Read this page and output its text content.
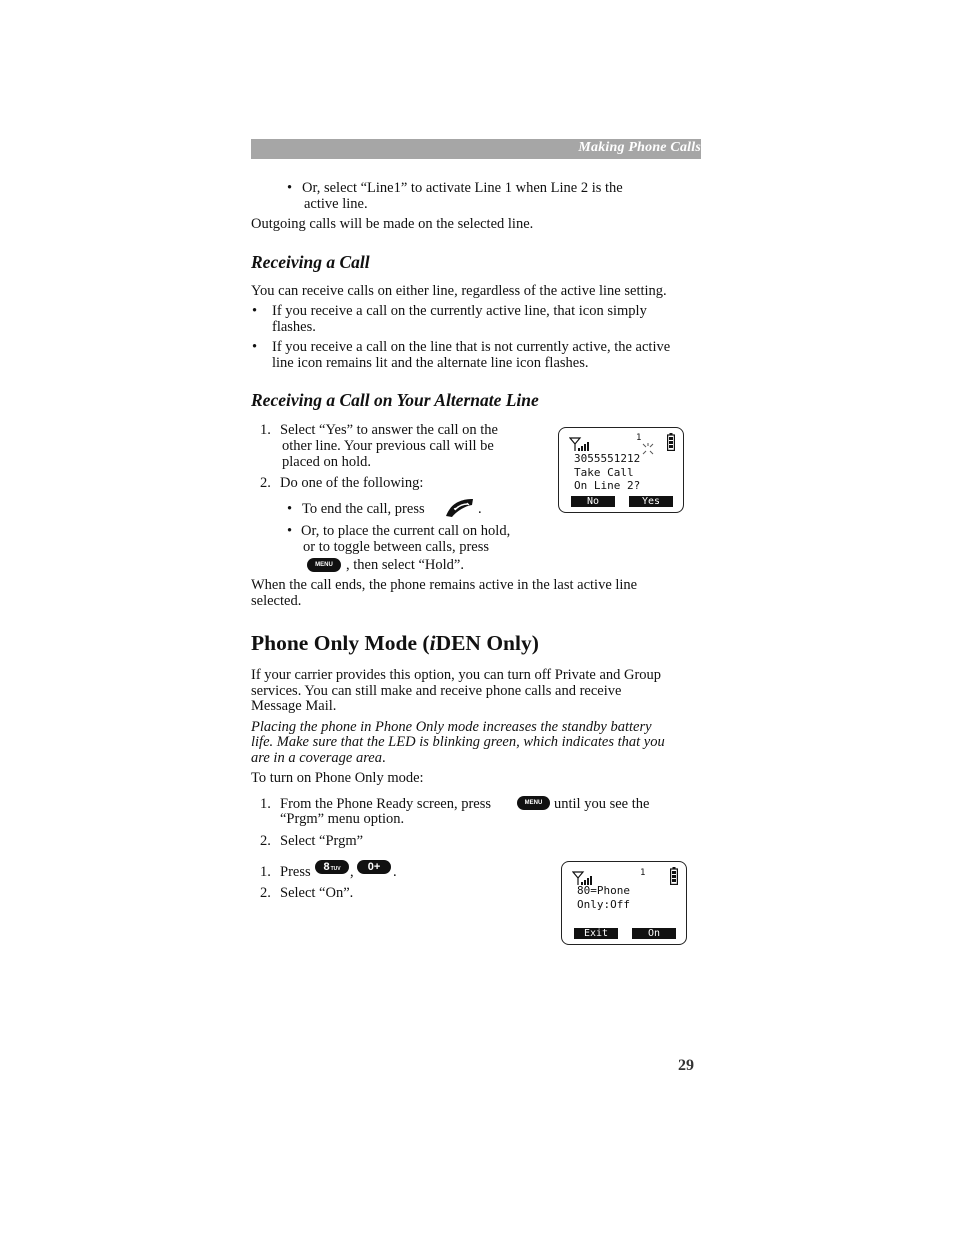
Making Phone Calls
• Or, select “Line1” to activate Line 1 when Line 2 is the
active line.
Outgoing calls will be made on the selected line.
Receiving a Call
You can receive calls on either line, regardless of the active line setting.
• If you receive a call on the currently active line, that icon simply
flashes.
• If you receive a call on the line that is not currently active, the active
line icon remains lit and the alternate line icon flashes.
Receiving a Call on Your Alternate Line
1. Select “Yes” to answer the call on the
other line. Your previous call will be
placed on hold.
2. Do one of the following:
• To end the call, press	.
• Or, to place the current call on hold,
or to toggle between calls, press
MENU , then select “Hold”.
When the call ends, the phone remains active in the last active line
selected.
1
3055551212
Take Call
On Line 2?
No	Yes
Phone Only Mode (iDEN Only)
If your carrier provides this option, you can turn off Private and Group
services. You can still make and receive phone calls and receive
Message Mail.
Placing the phone in Phone Only mode increases the standby battery
life. Make sure that the LED is blinking green, which indicates that you
are in a coverage area.
To turn on Phone Only mode:
1. From the Phone Ready screen, press	MENU until you see the
“Prgm” menu option.
2. Select “Prgm”
1. Press	8TUV ,	0+ .
2. Select “On”.
1
80=Phone
Only:Off
Exit	On
29
